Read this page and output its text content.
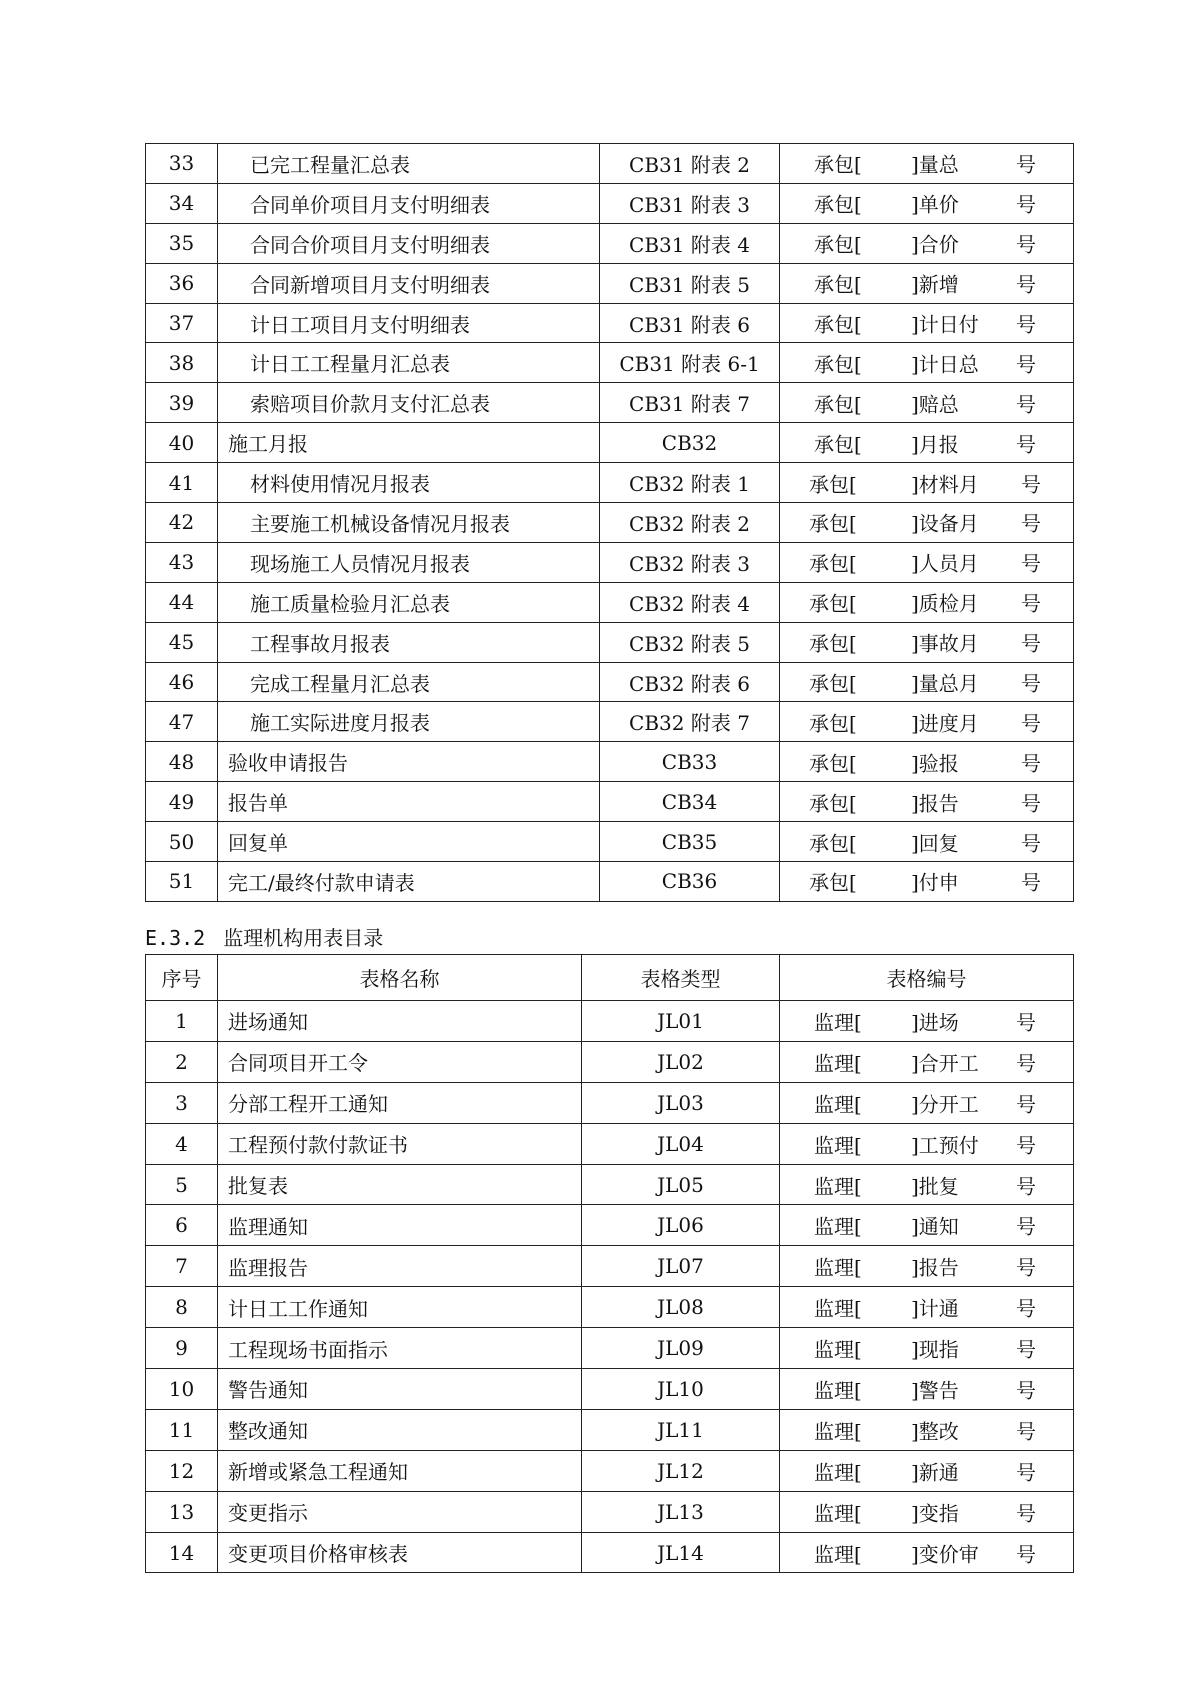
33	已完工程量汇总表	CB31 附表 2	承包[ ]量总 号

34	合同单价项目月支付明细表	CB31 附表 3	承包[ ]单价 号

35	合同合价项目月支付明细表	CB31 附表 4	承包[ ]合价 号

36	合同新增项目月支付明细表	CB31 附表 5	承包[ ]新增 号

37	计日工项目月支付明细表	CB31 附表 6	承包[ ]计日付 号

38	计日工工程量月汇总表	CB31 附表 6-1	承包[ ]计日总 号

39	索赔项目价款月支付汇总表	CB31 附表 7	承包[ ]赔总 号

40	施工月报	CB32	承包[ ]月报 号

41	材料使用情况月报表	CB32 附表 1	承包[ ]材料月 号

42	主要施工机械设备情况月报表	CB32 附表 2	承包[ ]设备月 号

43	现场施工人员情况月报表	CB32 附表 3	承包[ ]人员月 号

44	施工质量检验月汇总表	CB32 附表 4	承包[ ]质检月 号

45	工程事故月报表	CB32 附表 5	承包[ ]事故月 号

46	完成工程量月汇总表	CB32 附表 6	承包[ ]量总月 号

47	施工实际进度月报表	CB32 附表 7	承包[ ]进度月 号

48	验收申请报告	CB33	承包[ ]验报 号

49	报告单	CB34	承包[ ]报告 号

50	回复单	CB35	承包[ ]回复 号

51	完工/最终付款申请表	CB36	承包[ ]付申 号
E.3.2 监理机构用表目录
序号	表格名称	表格类型	表格编号
1	进场通知	JL01	监理[ ]进场 号

2	合同项目开工令	JL02	监理[ ]合开工 号

3	分部工程开工通知	JL03	监理[ ]分开工 号

4	工程预付款付款证书	JL04	监理[ ]工预付 号

5	批复表	JL05	监理[ ]批复 号

6	监理通知	JL06	监理[ ]通知 号

7	监理报告	JL07	监理[ ]报告 号

8	计日工工作通知	JL08	监理[ ]计通 号

9	工程现场书面指示	JL09	监理[ ]现指 号

10	警告通知	JL10	监理[ ]警告 号

11	整改通知	JL11	监理[ ]整改 号

12	新增或紧急工程通知	JL12	监理[ ]新通 号

13	变更指示	JL13	监理[ ]变指 号

14	变更项目价格审核表	JL14	监理[ ]变价审 号
